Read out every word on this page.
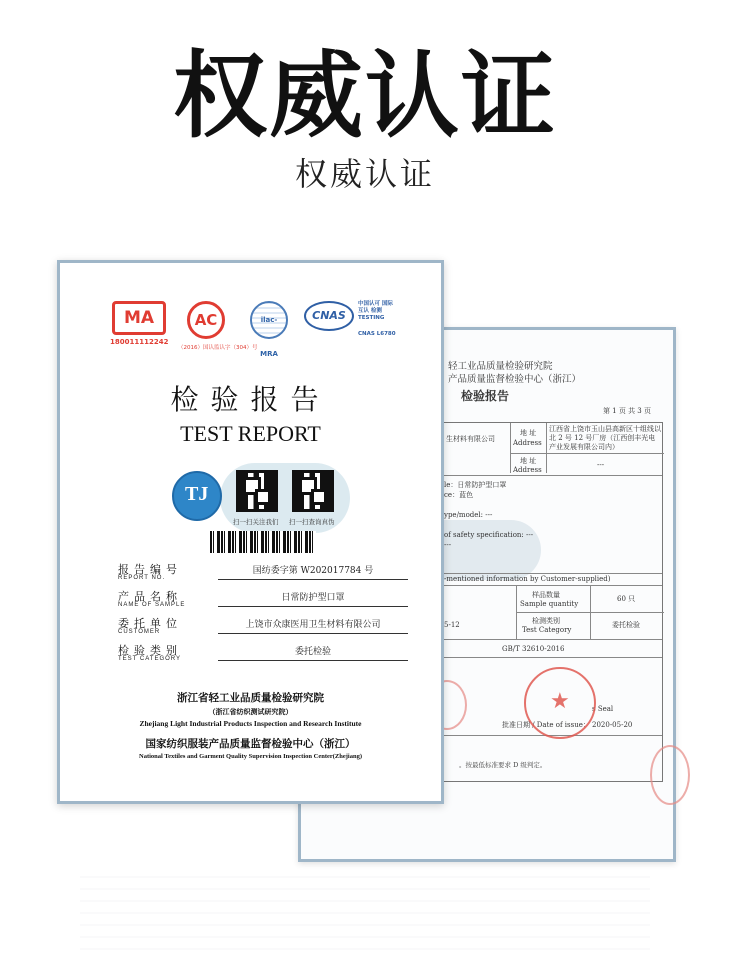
权威认证
权威认证
轻工业品质量检验研究院
产品质量监督检验中心（浙江）
检验报告
第 1 页 共 3 页
生材料有限公司
地 址
Address
江西省上饶市玉山县高新区十组线以北 2 号 12 号厂房（江西创丰光电产业发展有限公司内）
地 址
Address
---
le：日常防护型口罩
ce：蓝色
ype/model: ---
of safety specification: ---
---
-mentioned information by Customer-supplied)
样品数量
Sample quantity
60 只
5-12	检测类别
Test Category
委托检验
GB/T 32610-2016
s Seal
批准日期 / Date of issue： 2020-05-20
。按最低标准要求 D 级判定。
★
MA
180011112242
AC
（2016）国认监认字（304）号
ilac-MRA
CNAS
中国认可 国际互认 检测
TESTING
CNAS L6780
检验报告
TEST REPORT
TJ
扫一扫关注我们 扫一扫查询真伪
报告编号
REPORT NO.
国纺委字第 W202017784 号
产品名称
NAME OF SAMPLE
日常防护型口罩
委托单位
CUSTOMER
上饶市众康医用卫生材料有限公司
检验类别
TEST CATEGORY
委托检验
浙江省轻工业品质量检验研究院
（浙江省纺织测试研究院）
Zhejiang Light Industrial Products Inspection and Research Institute
国家纺织服装产品质量监督检验中心（浙江）
National Textiles and Garment Quality Supervision Inspection Center(Zhejiang)
